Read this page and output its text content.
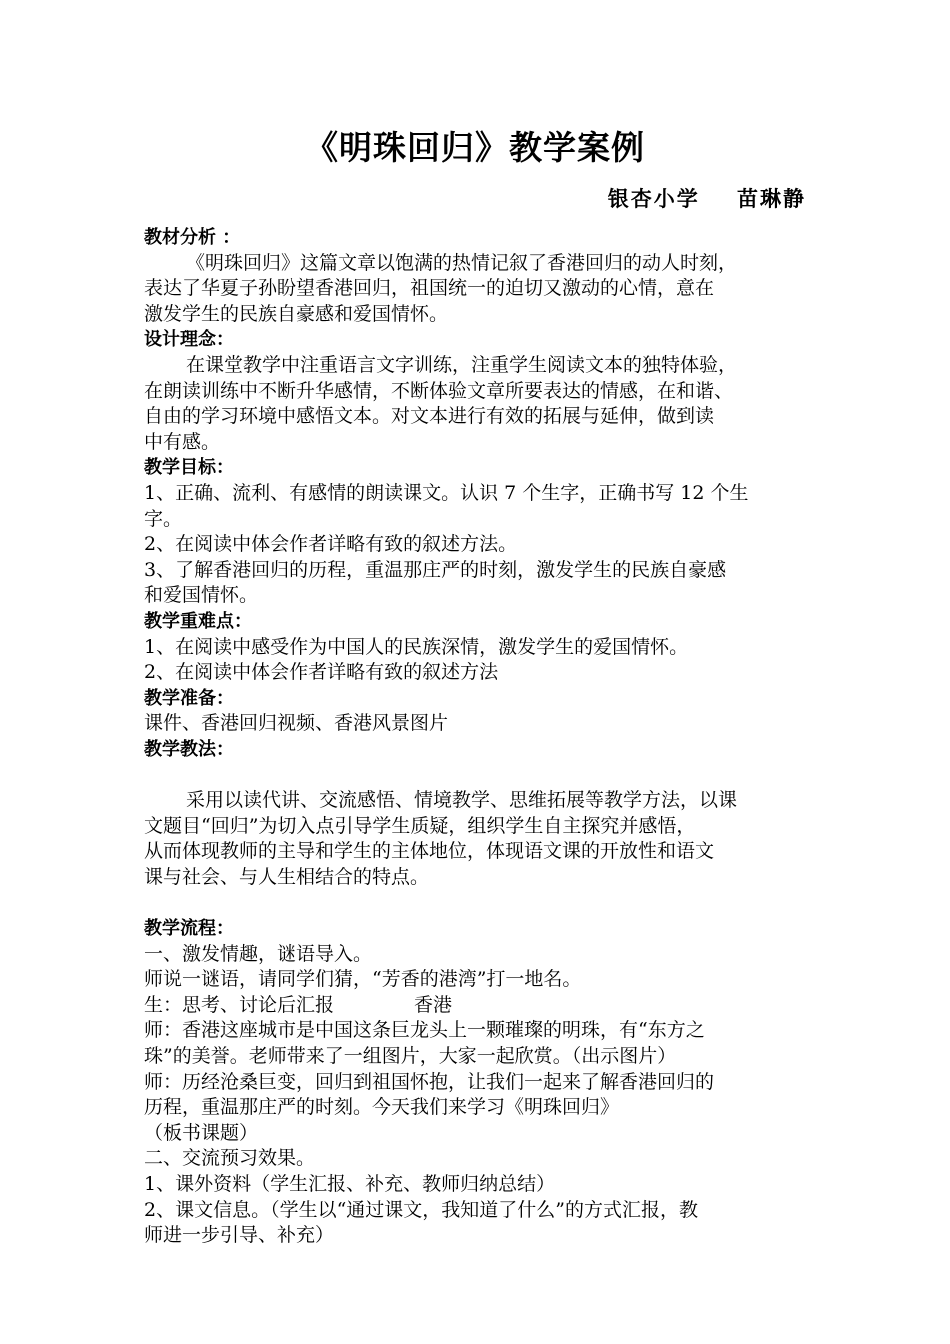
《明珠回归》教学案例
银杏小学    苗琳静
教材分析 ：
《明珠回归》这篇文章以饱满的热情记叙了香港回归的动人时刻，
表达了华夏子孙盼望香港回归，祖国统一的迫切又激动的心情，意在
激发学生的民族自豪感和爱国情怀。
设计理念：
在课堂教学中注重语言文字训练，注重学生阅读文本的独特体验，
在朗读训练中不断升华感情，不断体验文章所要表达的情感，在和谐、
自由的学习环境中感悟文本。对文本进行有效的拓展与延伸，做到读
中有感。
教学目标：
1、正确、流利、有感情的朗读课文。认识 7 个生字，正确书写 12 个生
字。
2、在阅读中体会作者详略有致的叙述方法。
3、了解香港回归的历程，重温那庄严的时刻，激发学生的民族自豪感
和爱国情怀。
教学重难点：
1、在阅读中感受作为中国人的民族深情，激发学生的爱国情怀。
2、在阅读中体会作者详略有致的叙述方法
教学准备：
课件、香港回归视频、香港风景图片
教学教法：
采用以读代讲、交流感悟、情境教学、思维拓展等教学方法，以课
文题目“回归”为切入点引导学生质疑，组织学生自主探究并感悟，
从而体现教师的主导和学生的主体地位，体现语文课的开放性和语文
课与社会、与人生相结合的特点。
教学流程：
一、激发情趣，谜语导入。
师说一谜语，请同学们猜，“芳香的港湾”打一地名。
生：思考、讨论后汇报	香港
师：香港这座城市是中国这条巨龙头上一颗璀璨的明珠，有“东方之
珠”的美誉。老师带来了一组图片，大家一起欣赏。（出示图片）
师：历经沧桑巨变，回归到祖国怀抱，让我们一起来了解香港回归的
历程，重温那庄严的时刻。今天我们来学习《明珠回归》
（板书课题）
二、交流预习效果。
1、课外资料（学生汇报、补充、教师归纳总结）
2、课文信息。（学生以“通过课文，我知道了什么”的方式汇报，教
师进一步引导、补充）
